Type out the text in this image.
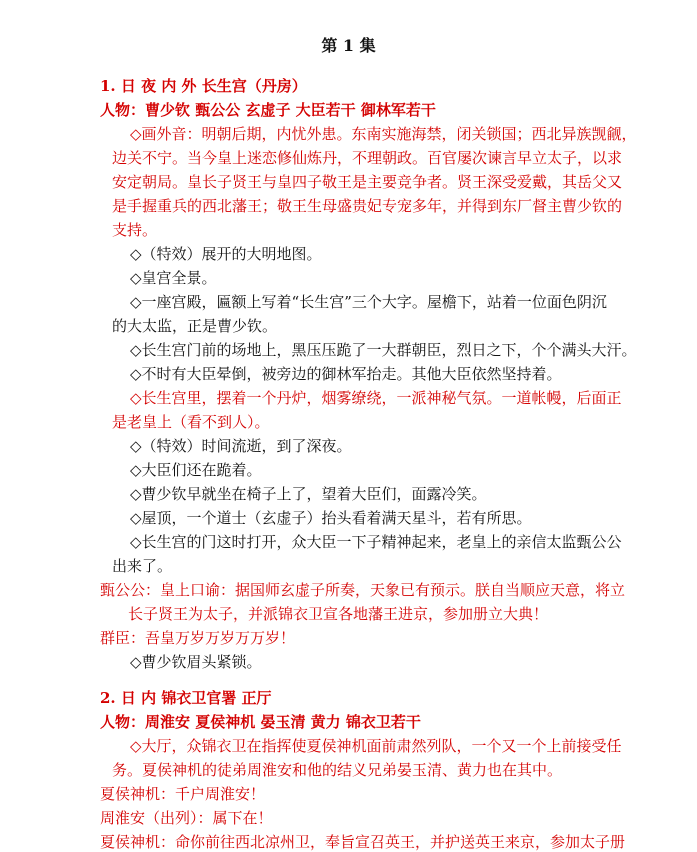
第 1 集
1. 日 夜 内 外 长生宫（丹房）
人物：曹少钦 甄公公 玄虚子 大臣若干 御林军若干
◇画外音：明朝后期，内忧外患。东南实施海禁，闭关锁国；西北异族觊觎，
边关不宁。当今皇上迷恋修仙炼丹，不理朝政。百官屡次谏言早立太子，以求
安定朝局。皇长子贤王与皇四子敬王是主要竞争者。贤王深受爱戴，其岳父又
是手握重兵的西北藩王；敬王生母盛贵妃专宠多年，并得到东厂督主曹少钦的
支持。
◇（特效）展开的大明地图。
◇皇宫全景。
◇一座宫殿，匾额上写着“长生宫”三个大字。屋檐下，站着一位面色阴沉
的大太监，正是曹少钦。
◇长生宫门前的场地上，黑压压跪了一大群朝臣，烈日之下，个个满头大汗。
◇不时有大臣晕倒，被旁边的御林军抬走。其他大臣依然坚持着。
◇长生宫里，摆着一个丹炉，烟雾缭绕，一派神秘气氛。一道帐幔，后面正
是老皇上（看不到人）。
◇（特效）时间流逝，到了深夜。
◇大臣们还在跪着。
◇曹少钦早就坐在椅子上了，望着大臣们，面露冷笑。
◇屋顶，一个道士（玄虚子）抬头看着满天星斗，若有所思。
◇长生宫的门这时打开，众大臣一下子精神起来，老皇上的亲信太监甄公公
出来了。
甄公公：皇上口谕：据国师玄虚子所奏，天象已有预示。朕自当顺应天意，将立
长子贤王为太子，并派锦衣卫宣各地藩王进京，参加册立大典！
群臣：吾皇万岁万岁万万岁！
◇曹少钦眉头紧锁。
2. 日 内 锦衣卫官署 正厅
人物：周淮安 夏侯神机 晏玉清 黄力 锦衣卫若干
◇大厅，众锦衣卫在指挥使夏侯神机面前肃然列队，一个又一个上前接受任
务。夏侯神机的徒弟周淮安和他的结义兄弟晏玉清、黄力也在其中。
夏侯神机：千户周淮安！
周淮安（出列）：属下在！
夏侯神机：命你前往西北凉州卫，奉旨宣召英王，并护送英王来京，参加太子册
